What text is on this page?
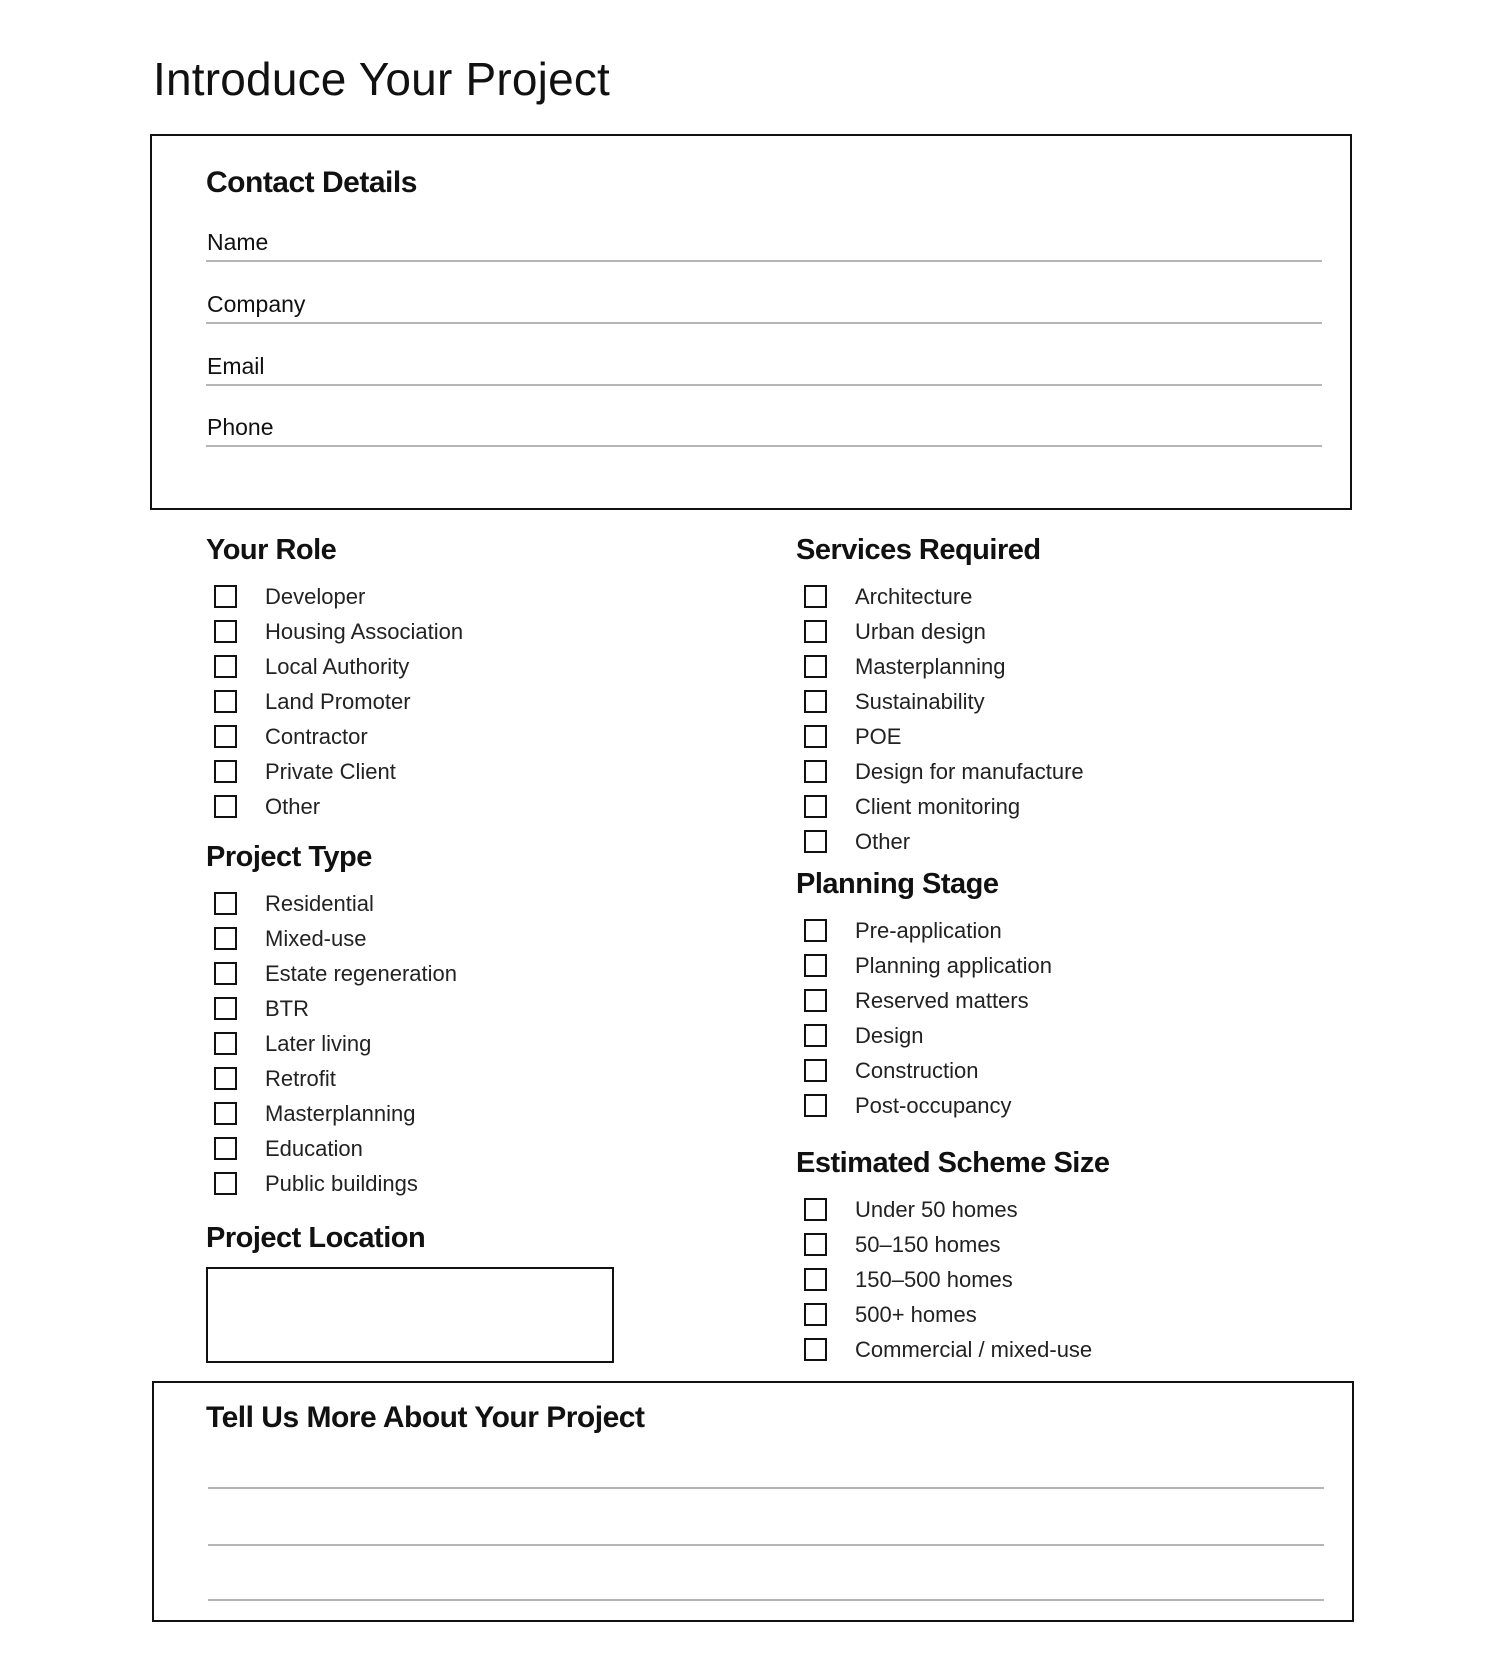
Introduce Your Project
Contact Details
Name
Company
Email
Phone
Your Role
Developer
Housing Association
Local Authority
Land Promoter
Contractor
Private Client
Other
Project Type
Residential
Mixed-use
Estate regeneration
BTR
Later living
Retrofit
Masterplanning
Education
Public buildings
Project Location
Services Required
Architecture
Urban design
Masterplanning
Sustainability
POE
Design for manufacture
Client monitoring
Other
Planning Stage
Pre-application
Planning application
Reserved matters
Design
Construction
Post-occupancy
Estimated Scheme Size
Under 50 homes
50–150 homes
150–500 homes
500+ homes
Commercial / mixed-use
Tell Us More About Your Project
